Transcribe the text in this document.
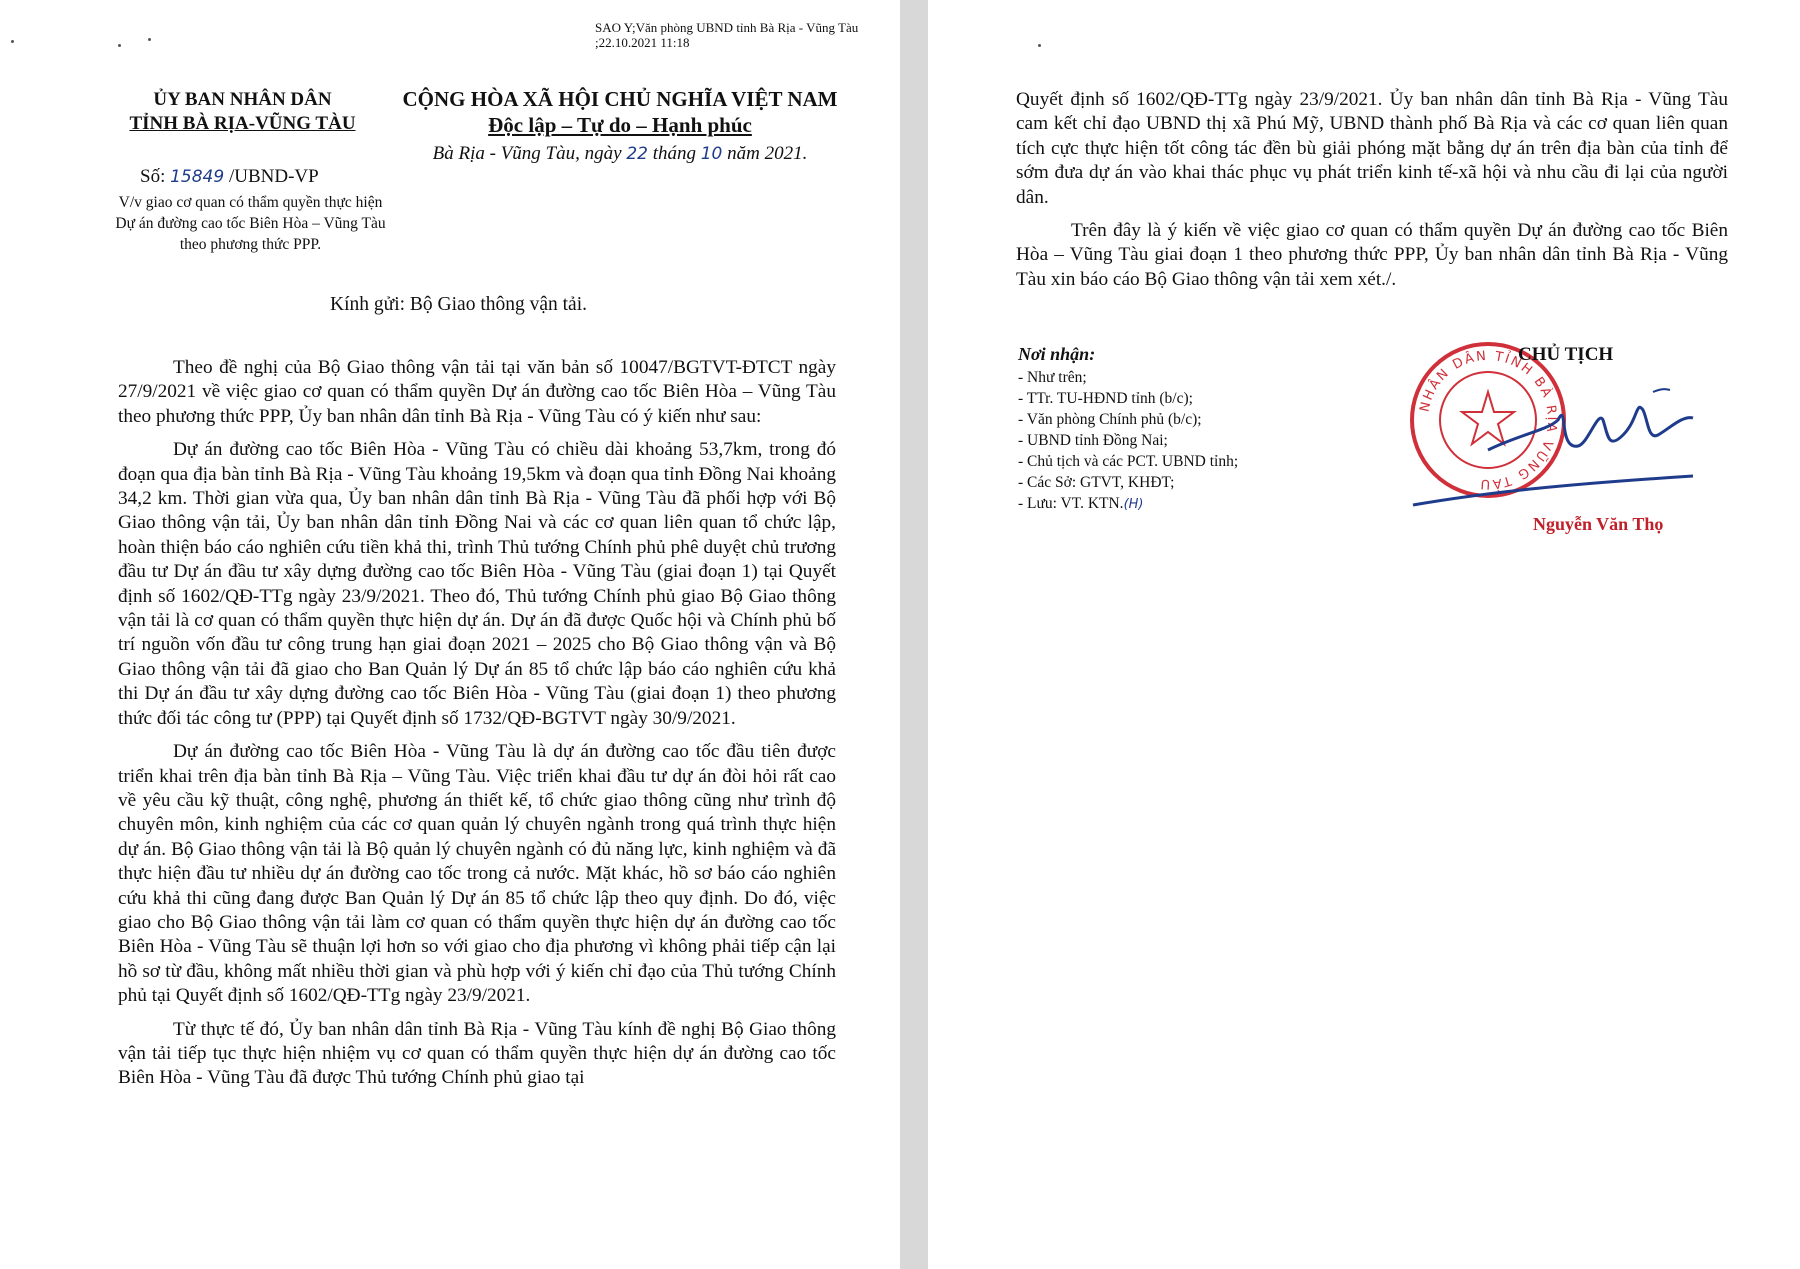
SAO Y;Văn phòng UBND tỉnh Bà Rịa - Vũng Tàu
;22.10.2021 11:18
ỦY BAN NHÂN DÂN
TỈNH BÀ RỊA-VŨNG TÀU
CỘNG HÒA XÃ HỘI CHỦ NGHĨA VIỆT NAM
Độc lập – Tự do – Hạnh phúc
Bà Rịa - Vũng Tàu, ngày 22 tháng 10 năm 2021.
Số: 15849 /UBND-VP
V/v giao cơ quan có thẩm quyền thực hiện Dự án đường cao tốc Biên Hòa – Vũng Tàu theo phương thức PPP.
Kính gửi: Bộ Giao thông vận tải.

Theo đề nghị của Bộ Giao thông vận tải tại văn bản số 10047/BGTVT-ĐTCT ngày 27/9/2021 về việc giao cơ quan có thẩm quyền Dự án đường cao tốc Biên Hòa – Vũng Tàu theo phương thức PPP, Ủy ban nhân dân tỉnh Bà Rịa - Vũng Tàu có ý kiến như sau:

Dự án đường cao tốc Biên Hòa - Vũng Tàu có chiều dài khoảng 53,7km, trong đó đoạn qua địa bàn tỉnh Bà Rịa - Vũng Tàu khoảng 19,5km và đoạn qua tỉnh Đồng Nai khoảng 34,2 km. Thời gian vừa qua, Ủy ban nhân dân tỉnh Bà Rịa - Vũng Tàu đã phối hợp với Bộ Giao thông vận tải, Ủy ban nhân dân tỉnh Đồng Nai và các cơ quan liên quan tổ chức lập, hoàn thiện báo cáo nghiên cứu tiền khả thi, trình Thủ tướng Chính phủ phê duyệt chủ trương đầu tư Dự án đầu tư xây dựng đường cao tốc Biên Hòa - Vũng Tàu (giai đoạn 1) tại Quyết định số 1602/QĐ-TTg ngày 23/9/2021. Theo đó, Thủ tướng Chính phủ giao Bộ Giao thông vận tải là cơ quan có thẩm quyền thực hiện dự án. Dự án đã được Quốc hội và Chính phủ bố trí nguồn vốn đầu tư công trung hạn giai đoạn 2021 – 2025 cho Bộ Giao thông vận và Bộ Giao thông vận tải đã giao cho Ban Quản lý Dự án 85 tổ chức lập báo cáo nghiên cứu khả thi Dự án đầu tư xây dựng đường cao tốc Biên Hòa - Vũng Tàu (giai đoạn 1) theo phương thức đối tác công tư (PPP) tại Quyết định số 1732/QĐ-BGTVT ngày 30/9/2021.

Dự án đường cao tốc Biên Hòa - Vũng Tàu là dự án đường cao tốc đầu tiên được triển khai trên địa bàn tỉnh Bà Rịa – Vũng Tàu. Việc triển khai đầu tư dự án đòi hỏi rất cao về yêu cầu kỹ thuật, công nghệ, phương án thiết kế, tổ chức giao thông cũng như trình độ chuyên môn, kinh nghiệm của các cơ quan quản lý chuyên ngành trong quá trình thực hiện dự án. Bộ Giao thông vận tải là Bộ quản lý chuyên ngành có đủ năng lực, kinh nghiệm và đã thực hiện đầu tư nhiều dự án đường cao tốc trong cả nước. Mặt khác, hồ sơ báo cáo nghiên cứu khả thi cũng đang được Ban Quản lý Dự án 85 tổ chức lập theo quy định. Do đó, việc giao cho Bộ Giao thông vận tải làm cơ quan có thẩm quyền thực hiện dự án đường cao tốc Biên Hòa - Vũng Tàu sẽ thuận lợi hơn so với giao cho địa phương vì không phải tiếp cận lại hồ sơ từ đầu, không mất nhiều thời gian và phù hợp với ý kiến chỉ đạo của Thủ tướng Chính phủ tại Quyết định số 1602/QĐ-TTg ngày 23/9/2021.

Từ thực tế đó, Ủy ban nhân dân tỉnh Bà Rịa - Vũng Tàu kính đề nghị Bộ Giao thông vận tải tiếp tục thực hiện nhiệm vụ cơ quan có thẩm quyền thực hiện dự án đường cao tốc Biên Hòa - Vũng Tàu đã được Thủ tướng Chính phủ giao tại

Quyết định số 1602/QĐ-TTg ngày 23/9/2021. Ủy ban nhân dân tỉnh Bà Rịa - Vũng Tàu cam kết chỉ đạo UBND thị xã Phú Mỹ, UBND thành phố Bà Rịa và các cơ quan liên quan tích cực thực hiện tốt công tác đền bù giải phóng mặt bằng dự án trên địa bàn của tỉnh để sớm đưa dự án vào khai thác phục vụ phát triển kinh tế-xã hội và nhu cầu đi lại của người dân.

Trên đây là ý kiến về việc giao cơ quan có thẩm quyền Dự án đường cao tốc Biên Hòa – Vũng Tàu giai đoạn 1 theo phương thức PPP, Ủy ban nhân dân tỉnh Bà Rịa - Vũng Tàu xin báo cáo Bộ Giao thông vận tải xem xét./.

Nơi nhận:
- Như trên;
- TTr. TU-HĐND tỉnh (b/c);
- Văn phòng Chính phủ (b/c);
- UBND tỉnh Đồng Nai;
- Chủ tịch và các PCT. UBND tỉnh;
- Các Sở: GTVT, KHĐT;
- Lưu: VT. KTN.(H)
NHÂN DÂN TỈNH BÀ RỊA VŨNG TÀU
CHỦ TỊCH
Nguyễn Văn Thọ
